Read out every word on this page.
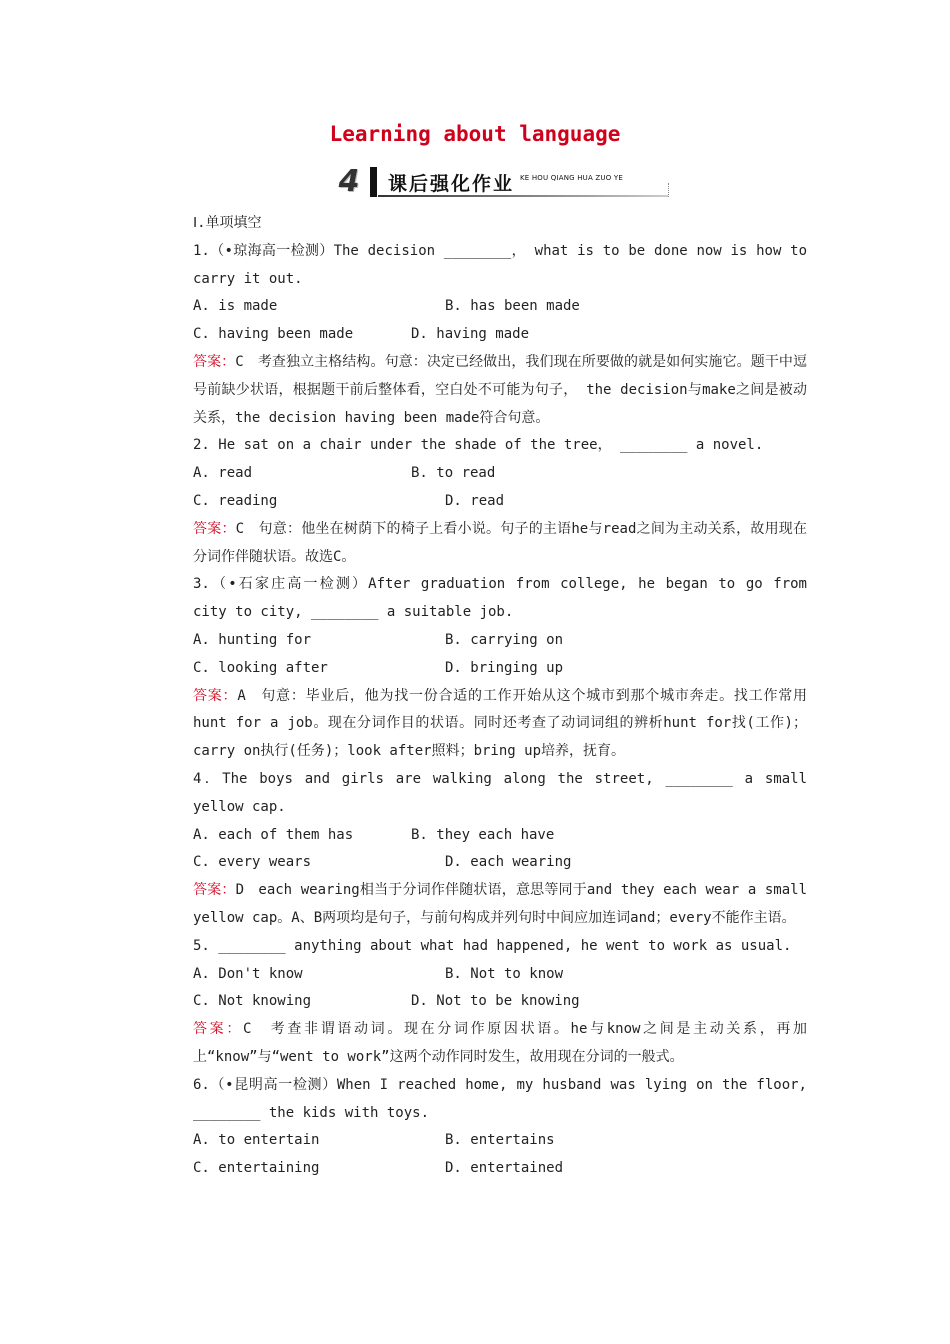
Learning about language
4	课后强化作业 KE HOU QIANG HUA ZUO YE

Ⅰ.单项填空

1.（•琼海高一检测）The decision ________， what is to be done now is how to carry it out.

A. is made	B. has been made
C. having been made	D. having made

答案：C　考查独立主格结构。句意：决定已经做出，我们现在所要做的就是如何实施它。题干中逗号前缺少状语，根据题干前后整体看，空白处不可能为句子， the decision与make之间是被动关系，the decision having been made符合句意。

2. He sat on a chair under the shade of the tree， ________ a novel.

A. read	B. to read
C. reading	D. read

答案：C　句意：他坐在树荫下的椅子上看小说。句子的主语he与read之间为主动关系，故用现在分词作伴随状语。故选C。

3.（•石家庄高一检测）After graduation from college, he began to go from city to city, ________ a suitable job.

A. hunting for	B. carrying on
C. looking after	D. bringing up

答案：A　句意：毕业后，他为找一份合适的工作开始从这个城市到那个城市奔走。找工作常用hunt for a job。现在分词作目的状语。同时还考查了动词词组的辨析hunt for找(工作)；carry on执行(任务)；look after照料；bring up培养，抚育。

4．The boys and girls are walking along the street, ________ a small yellow cap.

A. each of them has	B. they each have
C. every wears	D. each wearing

答案：D　each wearing相当于分词作伴随状语，意思等同于and they each wear a small yellow cap。A、B两项均是句子，与前句构成并列句时中间应加连词and；every不能作主语。

5. ________ anything about what had happened, he went to work as usual.

A. Don't know	B. Not to know
C. Not knowing	D. Not to be knowing

答案：C　考查非谓语动词。现在分词作原因状语。he与know之间是主动关系，再加上“know”与“went to work”这两个动作同时发生，故用现在分词的一般式。

6.（•昆明高一检测）When I reached home, my husband was lying on the floor, ________ the kids with toys.

A. to entertain	B. entertains
C. entertaining	D. entertained
